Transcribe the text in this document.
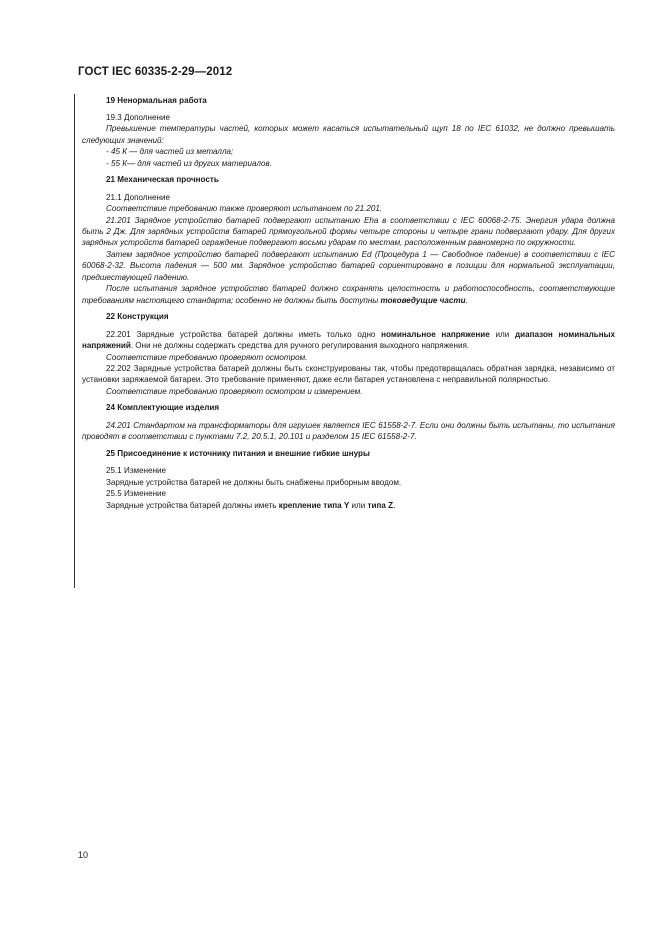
ГОСТ IEC 60335-2-29—2012

19 Ненормальная работа

19.3 Дополнение

Превышение температуры частей, которых может касаться испытательный щуп 18 по IEC 61032, не должно превышать следующих значений:

- 45 К — для частей из металла;

- 55 К— для частей из других материалов.

21 Механическая прочность

21.1 Дополнение

Соответствие требованию также проверяют испытанием по 21.201.

21.201 Зарядное устройство батарей подвергают испытанию Eha в соответствии с IEC 60068-2-75. Энергия удара должна быть 2 Дж. Для зарядных устройств батарей прямоугольной формы четыре стороны и четыре грани подвергают удару. Для других зарядных устройств батарей ограждение подвергают восьми ударам по местам, расположенным равномерно по окружности.

Затем зарядное устройство батарей подвергают испытанию Ed (Процедура 1 — Свободное падение) в соответствии с IEC 60068-2-32. Высота падения — 500 мм. Зарядное устройство батарей сориентировано в позиции для нормальной эксплуатации, предшествующей падению.

После испытания зарядное устройство батарей должно сохранять целостность и работоспособность, соответствующие требованиям настоящего стандарта; особенно не должны быть доступны токоведущие части.

22 Конструкция

22.201 Зарядные устройства батарей должны иметь только одно номинальное напряжение или диапазон номинальных напряжений. Они не должны содержать средства для ручного регулирования выходного напряжения.

Соответствие требованию проверяют осмотром.

22.202 Зарядные устройства батарей должны быть сконструированы так, чтобы предотвращалась обратная зарядка, независимо от установки заряжаемой батареи. Это требование применяют, даже если батарея установлена с неправильной полярностью.

Соответствие требованию проверяют осмотром и измерением.

24 Комплектующие изделия

24.201 Стандартом на трансформаторы для игрушек является IEC 61558-2-7. Если они должны быть испытаны, то испытания проводят в соответствии с пунктами 7.2, 20.5.1, 20.101 и разделом 15 IEC 61558-2-7.

25 Присоединение к источнику питания и внешние гибкие шнуры

25.1 Изменение

Зарядные устройства батарей не должны быть снабжены приборным вводом.

25.5 Изменение

Зарядные устройства батарей должны иметь крепление типа Y или типа Z.

10
